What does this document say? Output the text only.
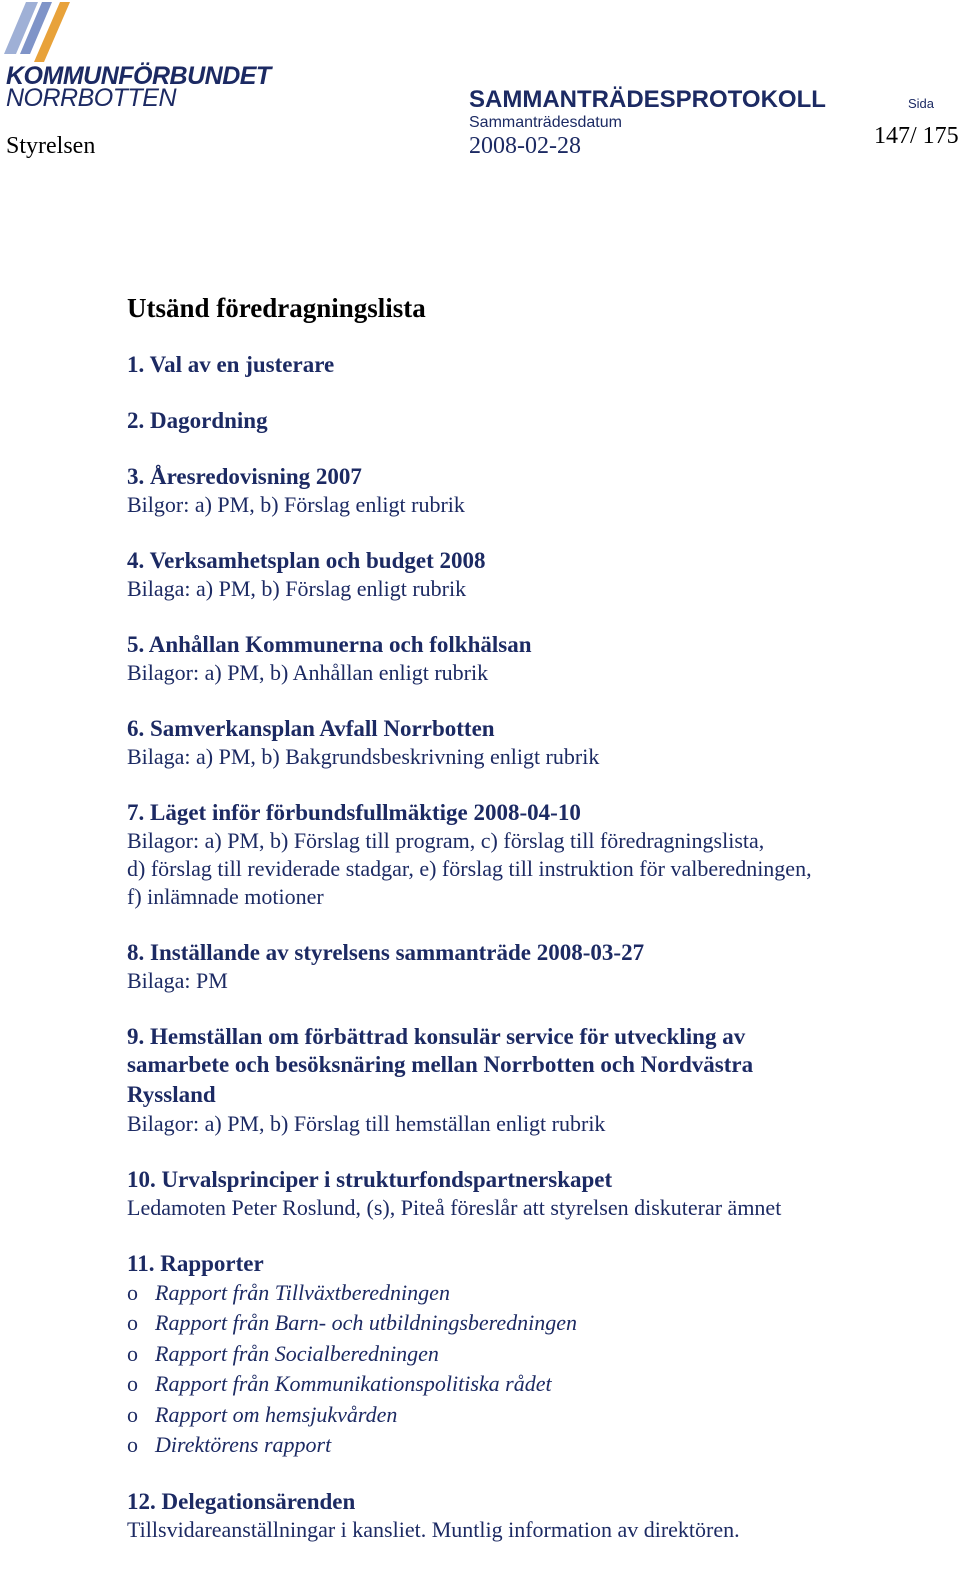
KOMMUNFÖRBUNDET
NORRBOTTEN
Styrelsen
SAMMANTRÄDESPROTOKOLL
Sammanträdesdatum
2008-02-28
Sida
147/ 175
Utsänd föredragningslista
1. Val av en justerare
2. Dagordning
3. Åresredovisning 2007
Bilgor: a) PM, b) Förslag enligt rubrik
4. Verksamhetsplan och budget 2008
Bilaga: a) PM, b) Förslag enligt rubrik
5. Anhållan Kommunerna och folkhälsan
Bilagor: a) PM, b) Anhållan enligt rubrik
6. Samverkansplan Avfall Norrbotten
Bilaga: a) PM, b) Bakgrundsbeskrivning enligt rubrik
7. Läget inför förbundsfullmäktige 2008-04-10
Bilagor: a) PM, b) Förslag till program, c) förslag till föredragningslista,
d) förslag till reviderade stadgar, e) förslag till instruktion för valberedningen,
f) inlämnade motioner
8. Inställande av styrelsens sammanträde 2008-03-27
Bilaga: PM
9. Hemställan om förbättrad konsulär service för utveckling av
samarbete och besöksnäring mellan Norrbotten och Nordvästra
Ryssland
Bilagor: a) PM, b) Förslag till hemställan enligt rubrik
10. Urvalsprinciper i strukturfondspartnerskapet
Ledamoten Peter Roslund, (s), Piteå föreslår att styrelsen diskuterar ämnet
11. Rapporter
o Rapport från Tillväxtberedningen
o Rapport från Barn- och utbildningsberedningen
o Rapport från Socialberedningen
o Rapport från Kommunikationspolitiska rådet
o Rapport om hemsjukvården
o Direktörens rapport
12. Delegationsärenden
Tillsvidareanställningar i kansliet. Muntlig information av direktören.
